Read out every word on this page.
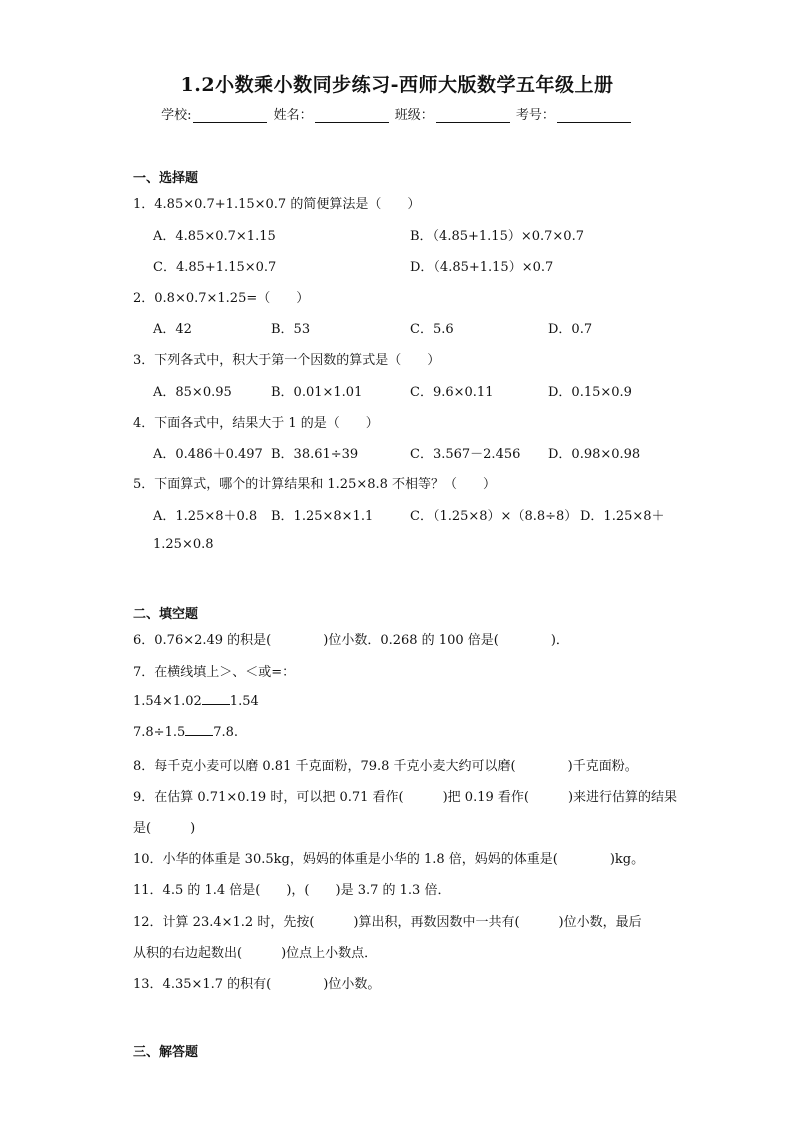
1.2小数乘小数同步练习-西师大版数学五年级上册
学校:	姓名：	班级：	考号：
一、选择题
1．4.85×0.7+1.15×0.7 的简便算法是（　　）
A．4.85×0.7×1.15	B．（4.85+1.15）×0.7×0.7
C．4.85+1.15×0.7	D．（4.85+1.15）×0.7
2．0.8×0.7×1.25=（　　）
A．42	B．53	C．5.6	D．0.7
3．下列各式中，积大于第一个因数的算式是（　　）
A．85×0.95	B．0.01×1.01	C．9.6×0.11	D．0.15×0.9
4．下面各式中，结果大于 1 的是（　　）
A．0.486＋0.497 B．38.61÷39	C．3.567－2.456 D．0.98×0.98
5．下面算式，哪个的计算结果和 1.25×8.8 不相等？（　　）
A．1.25×8＋0.8 B．1.25×8×1.1	C．（1.25×8）×（8.8÷8） D．1.25×8＋
1.25×0.8
二、填空题
6．0.76×2.49 的积是(　　　　)位小数．0.268 的 100 倍是(　　　　)．
7．在横线填上＞、＜或=：
1.54×1.02 1.54
7.8÷1.5 7.8.
8．每千克小麦可以磨 0.81 千克面粉，79.8 千克小麦大约可以磨(　　　　)千克面粉。
9．在估算 0.71×0.19 时，可以把 0.71 看作(　　　)把 0.19 看作(　　　)来进行估算的结果
是(　　　)
10．小华的体重是 30.5kg，妈妈的体重是小华的 1.8 倍，妈妈的体重是(　　　　)kg。
11．4.5 的 1.4 倍是(　　)，(　　)是 3.7 的 1.3 倍．
12．计算 23.4×1.2 时，先按(　　　)算出积，再数因数中一共有(　　　)位小数，最后
从积的右边起数出(　　　)位点上小数点．
13．4.35×1.7 的积有(　　　　)位小数。
三、解答题
